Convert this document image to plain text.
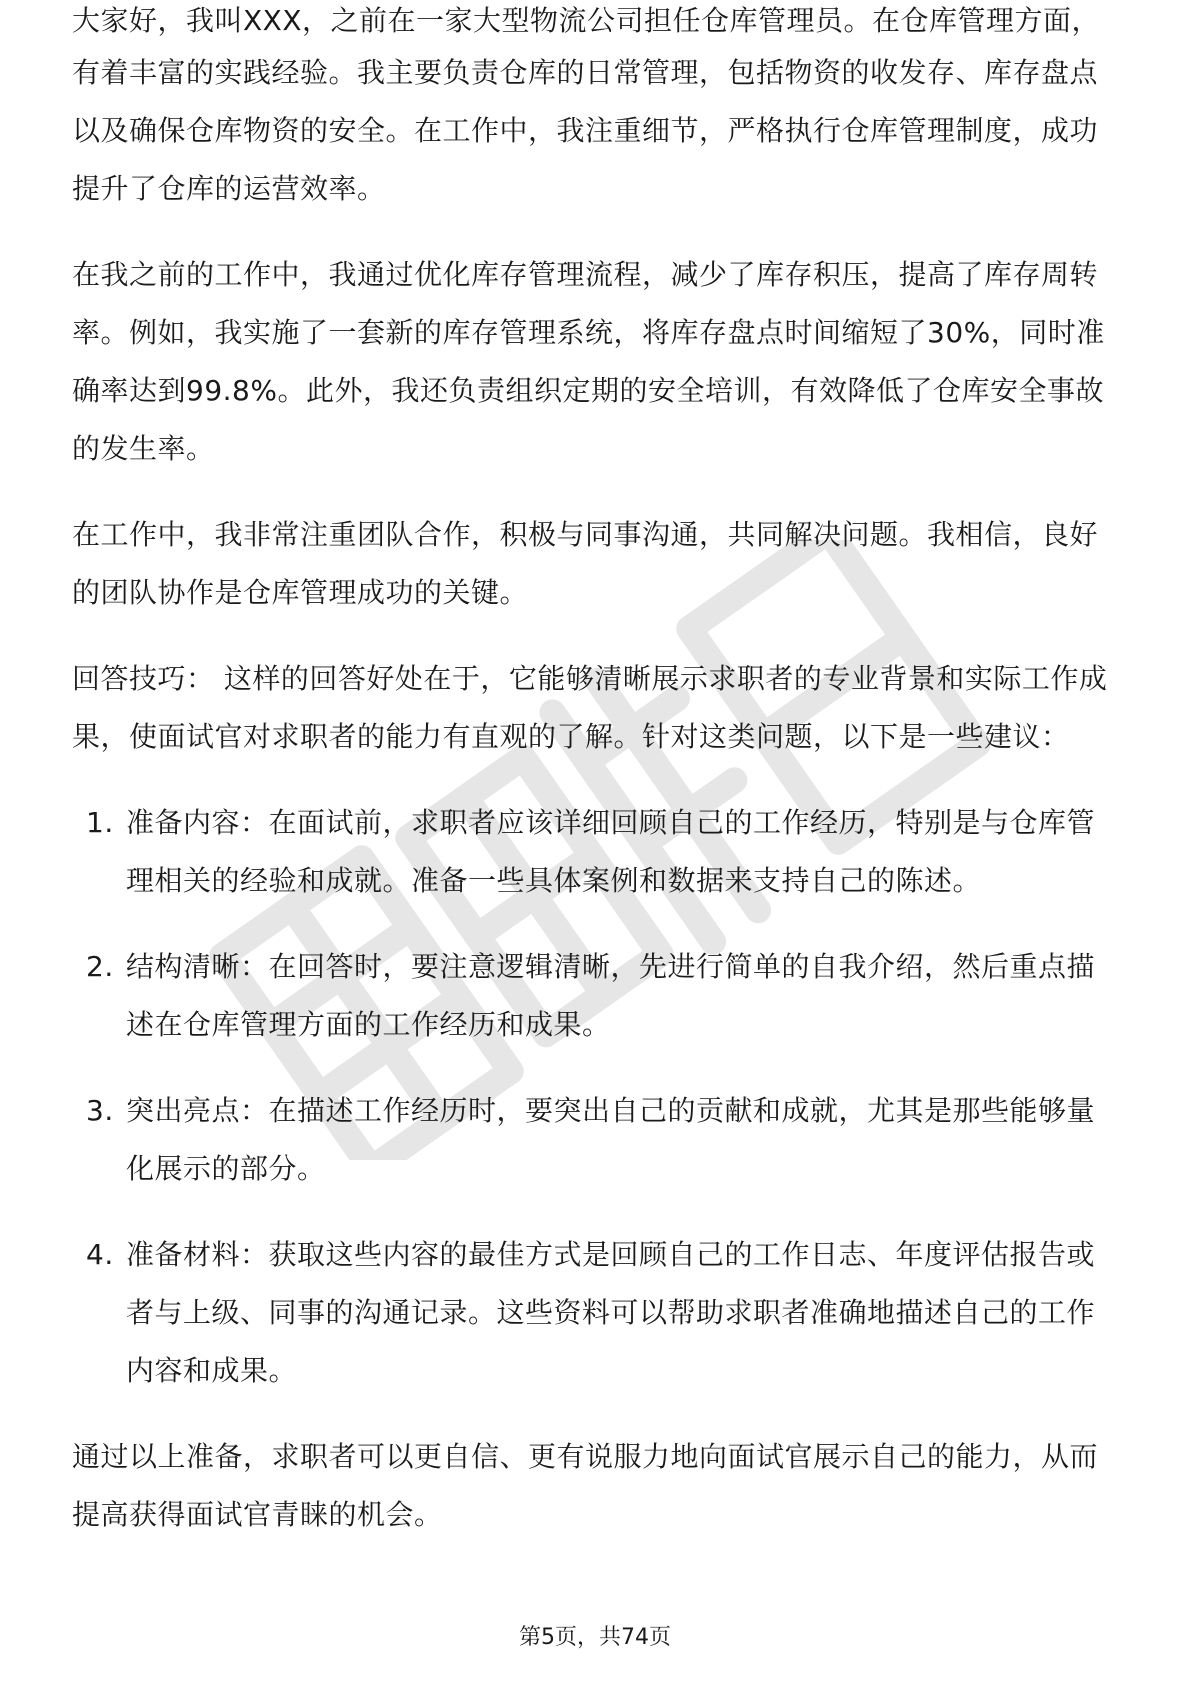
大家好，我叫XXX，之前在一家大型物流公司担任仓库管理员。在仓库管理方面，

有着丰富的实践经验。我主要负责仓库的日常管理，包括物资的收发存、库存盘点以及确保仓库物资的安全。在工作中，我注重细节，严格执行仓库管理制度，成功提升了仓库的运营效率。

在我之前的工作中，我通过优化库存管理流程，减少了库存积压，提高了库存周转率。例如，我实施了一套新的库存管理系统，将库存盘点时间缩短了30%，同时准确率达到99.8%。此外，我还负责组织定期的安全培训，有效降低了仓库安全事故的发生率。

在工作中，我非常注重团队合作，积极与同事沟通，共同解决问题。我相信，良好的团队协作是仓库管理成功的关键。

回答技巧： 这样的回答好处在于，它能够清晰展示求职者的专业背景和实际工作成果，使面试官对求职者的能力有直观的了解。针对这类问题，以下是一些建议：

1. 准备内容：在面试前，求职者应该详细回顾自己的工作经历，特别是与仓库管理相关的经验和成就。准备一些具体案例和数据来支持自己的陈述。
2. 结构清晰：在回答时，要注意逻辑清晰，先进行简单的自我介绍，然后重点描述在仓库管理方面的工作经历和成果。
3. 突出亮点：在描述工作经历时，要突出自己的贡献和成就，尤其是那些能够量化展示的部分。
4. 准备材料：获取这些内容的最佳方式是回顾自己的工作日志、年度评估报告或者与上级、同事的沟通记录。这些资料可以帮助求职者准确地描述自己的工作内容和成果。

通过以上准备，求职者可以更自信、更有说服力地向面试官展示自己的能力，从而提高获得面试官青睐的机会。

第5页，共74页
